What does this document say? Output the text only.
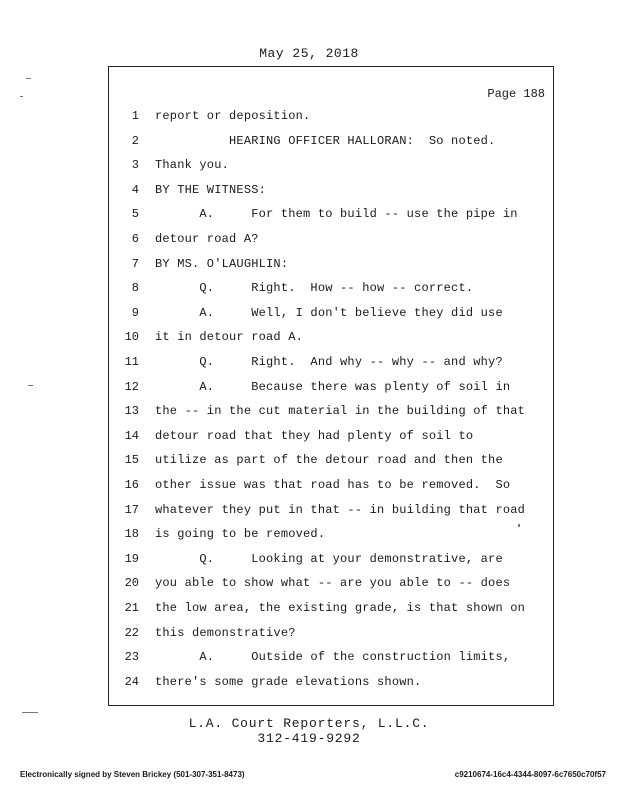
May 25, 2018
Page 188
1 report or deposition.
2 HEARING OFFICER HALLORAN:  So noted.
3 Thank you.
4 BY THE WITNESS:
5 A.     For them to build -- use the pipe in
6 detour road A?
7 BY MS. O'LAUGHLIN:
8 Q.     Right.  How -- how -- correct.
9 A.     Well, I don't believe they did use
10 it in detour road A.
11 Q.     Right.  And why -- why -- and why?
12 A.     Because there was plenty of soil in
13 the -- in the cut material in the building of that
14 detour road that they had plenty of soil to
15 utilize as part of the detour road and then the
16 other issue was that road has to be removed.  So
17 whatever they put in that -- in building that road
18 is going to be removed.
19 Q.     Looking at your demonstrative, are
20 you able to show what -- are you able to -- does
21 the low area, the existing grade, is that shown on
22 this demonstrative?
23 A.     Outside of the construction limits,
24 there's some grade elevations shown.
L.A. Court Reporters, L.L.C.
312-419-9292
Electronically signed by Steven Brickey (501-307-351-8473)	c9210674-16c4-4344-8097-6c7650c70f57
